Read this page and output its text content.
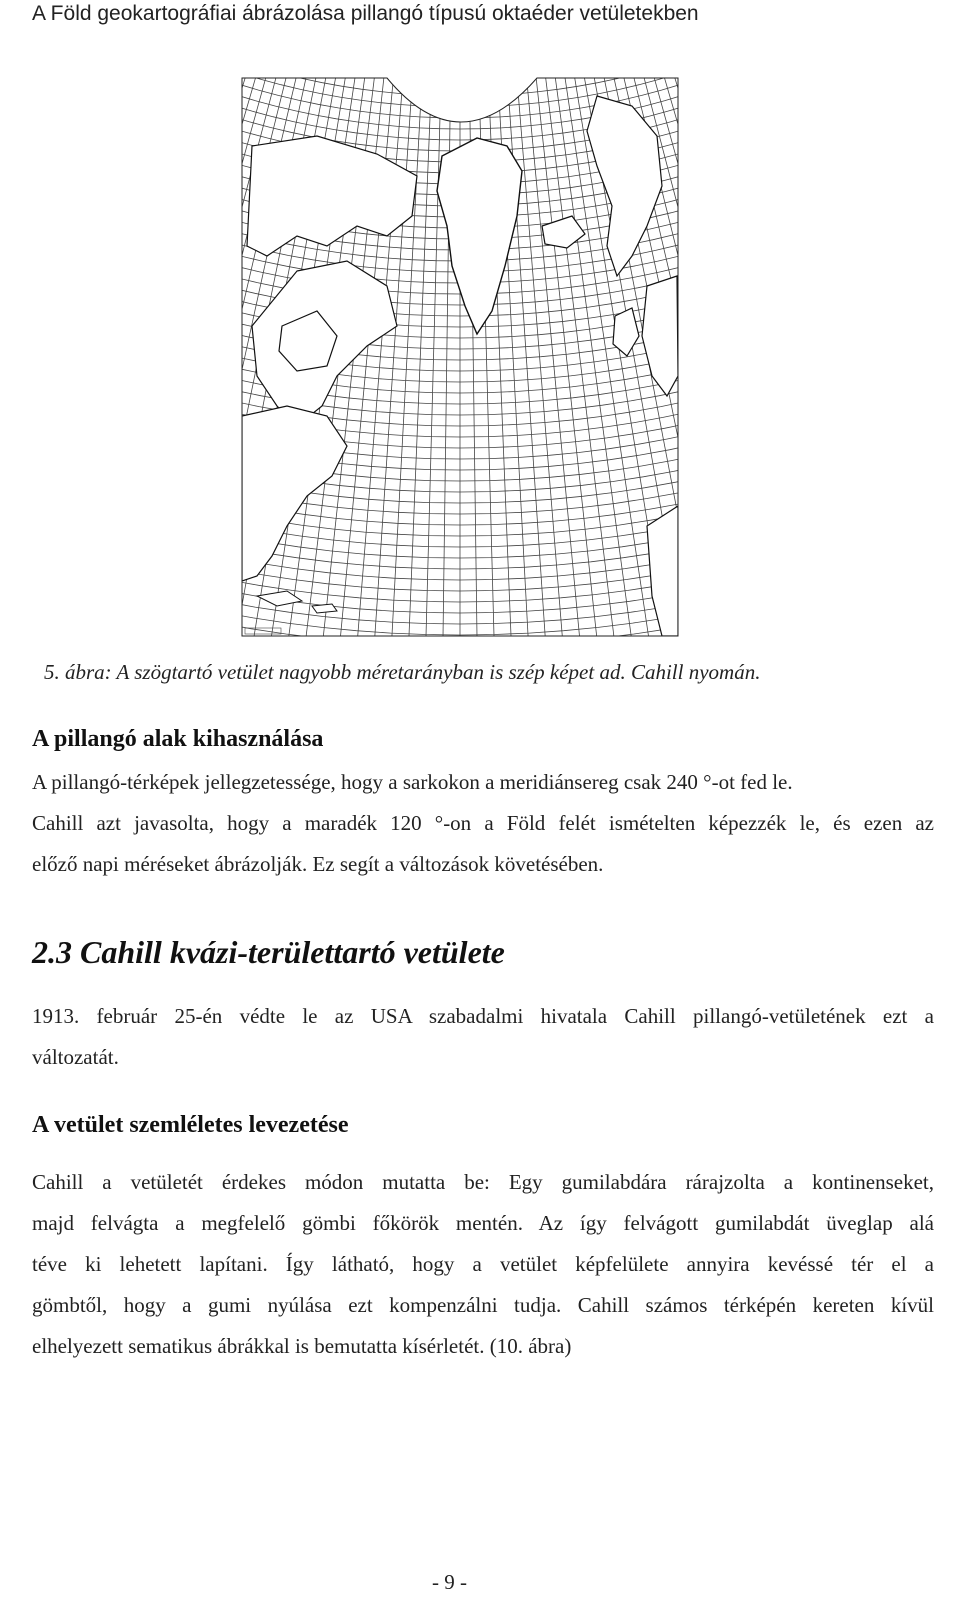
A Föld geokartográfiai ábrázolása pillangó típusú oktaéder vetületekben
5. ábra: A szögtartó vetület nagyobb méretarányban is szép képet ad. Cahill nyomán.
A pillangó alak kihasználása
A pillangó-térképek jellegzetessége, hogy a sarkokon a meridiánsereg csak 240 °-ot fed le.
Cahill azt javasolta, hogy a maradék 120 °-on a Föld felét ismételten képezzék le, és ezen az
előző napi méréseket ábrázolják. Ez segít a változások követésében.
2.3 Cahill kvázi-területtartó vetülete
1913. február 25-én védte le az USA szabadalmi hivatala Cahill pillangó-vetületének ezt a
változatát.
A vetület szemléletes levezetése
Cahill a vetületét érdekes módon mutatta be: Egy gumilabdára rárajzolta a kontinenseket,
majd felvágta a megfelelő gömbi főkörök mentén. Az így felvágott gumilabdát üveglap alá
téve ki lehetett lapítani. Így látható, hogy a vetület képfelülete annyira kevéssé tér el a
gömbtől, hogy a gumi nyúlása ezt kompenzálni tudja. Cahill számos térképén kereten kívül
elhelyezett sematikus ábrákkal is bemutatta kísérletét. (10. ábra)
- 9 -
